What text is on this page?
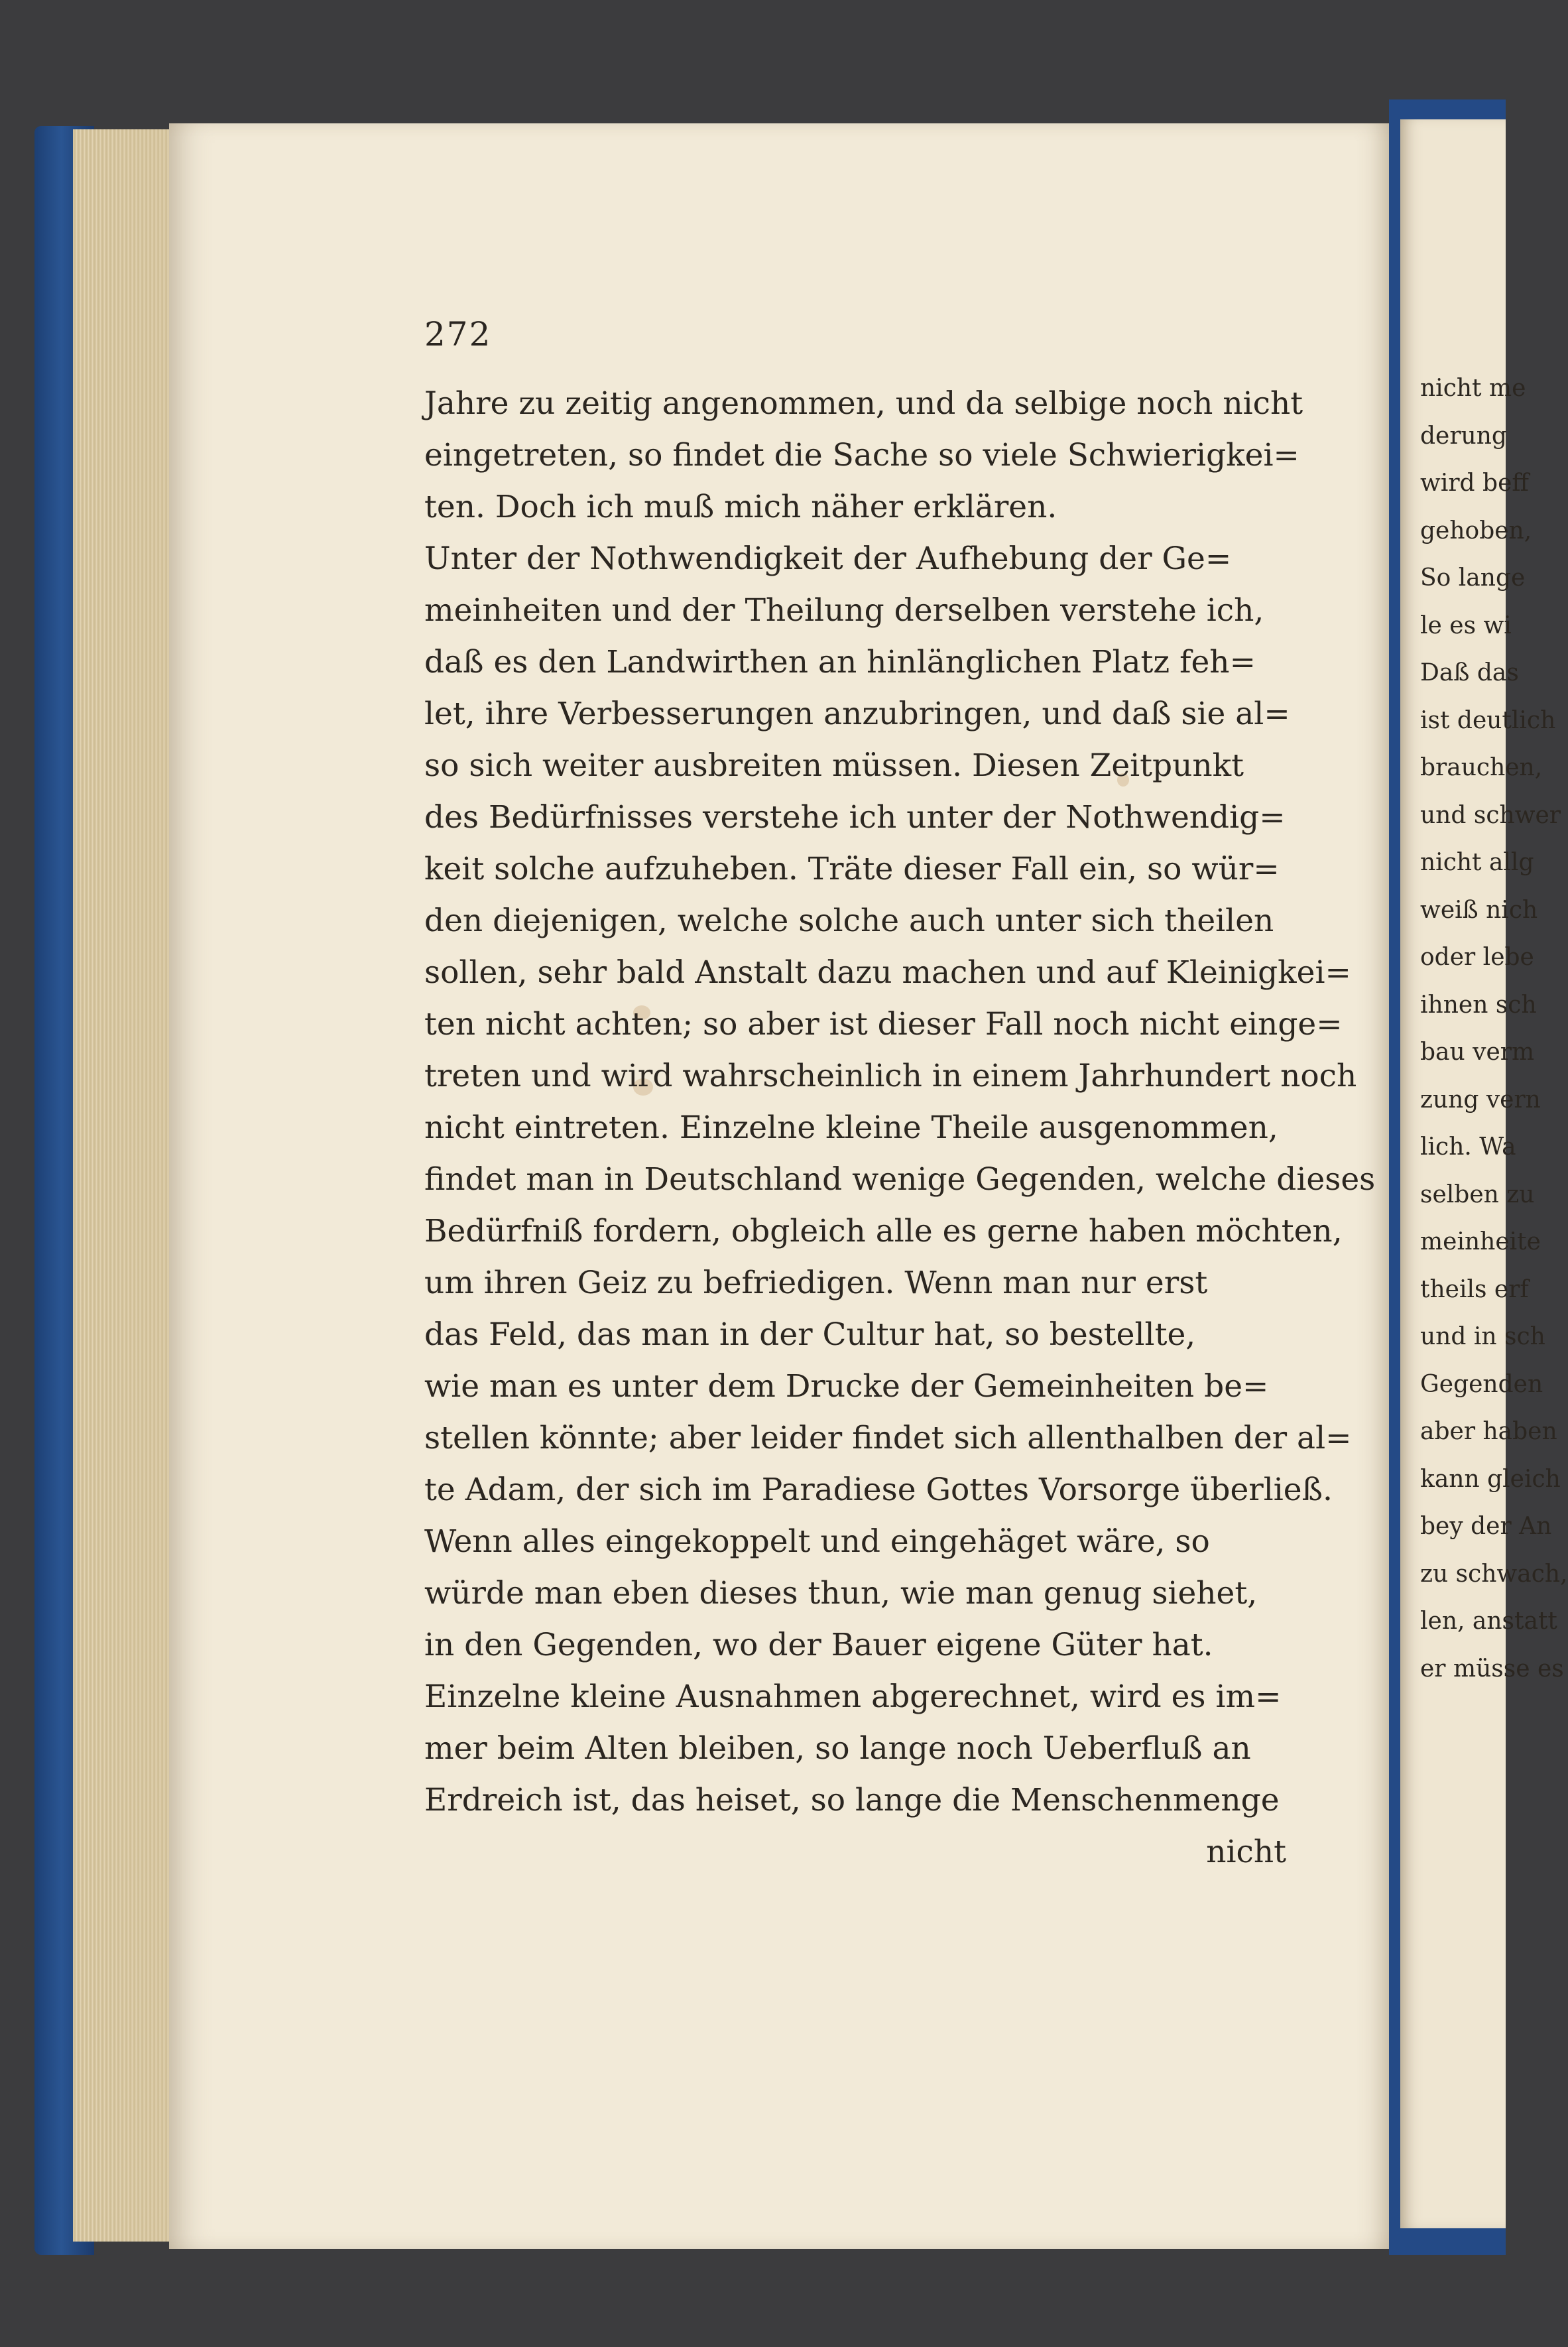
nicht me
derung
wird beff
gehoben,
So lange
le es wi
Daß das
ist deutlich
brauchen,
und schwer
nicht allg
weiß nich
oder lebe
ihnen sch
bau verm
zung vern
lich. Wa
selben zu
meinheite
theils erf
und in sch
Gegenden
aber haben
kann gleich
bey der An
zu schwach,
len, anstatt
er müsse es
272
Jahre zu zeitig angenommen, und da selbige noch nicht
eingetreten, so findet die Sache so viele Schwierigkei=
ten. Doch ich muß mich näher erklären.
Unter der Nothwendigkeit der Aufhebung der Ge=
meinheiten und der Theilung derselben verstehe ich,
daß es den Landwirthen an hinlänglichen Platz feh=
let, ihre Verbesserungen anzubringen, und daß sie al=
so sich weiter ausbreiten müssen. Diesen Zeitpunkt
des Bedürfnisses verstehe ich unter der Nothwendig=
keit solche aufzuheben. Träte dieser Fall ein, so wür=
den diejenigen, welche solche auch unter sich theilen
sollen, sehr bald Anstalt dazu machen und auf Kleinigkei=
ten nicht achten; so aber ist dieser Fall noch nicht einge=
treten und wird wahrscheinlich in einem Jahrhundert noch
nicht eintreten. Einzelne kleine Theile ausgenommen,
findet man in Deutschland wenige Gegenden, welche dieses
Bedürfniß fordern, obgleich alle es gerne haben möchten,
um ihren Geiz zu befriedigen. Wenn man nur erst
das Feld, das man in der Cultur hat, so bestellte,
wie man es unter dem Drucke der Gemeinheiten be=
stellen könnte; aber leider findet sich allenthalben der al=
te Adam, der sich im Paradiese Gottes Vorsorge überließ.
Wenn alles eingekoppelt und eingehäget wäre, so
würde man eben dieses thun, wie man genug siehet,
in den Gegenden, wo der Bauer eigene Güter hat.
Einzelne kleine Ausnahmen abgerechnet, wird es im=
mer beim Alten bleiben, so lange noch Ueberfluß an
Erdreich ist, das heiset, so lange die Menschenmenge
nicht
